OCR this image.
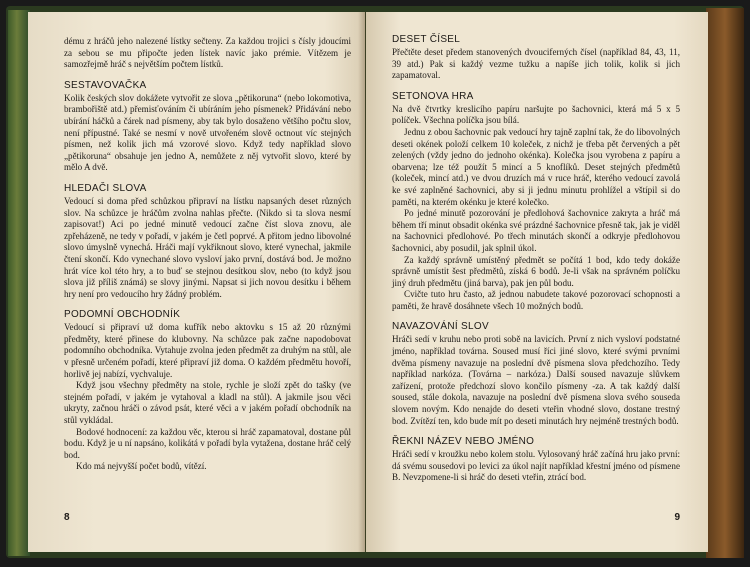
dému z hráčů jeho nalezené lístky sečteny. Za každou trojici s čísly jdoucími za sebou se mu připočte jeden lístek navíc jako prémie. Vítězem je samozřejmě hráč s největším počtem lístků.

SESTAVOVAČKA

Kolik českých slov dokážete vytvořit ze slova „pětikoruna“ (nebo lokomotiva, brambořiště atd.) přemisťováním či ubíráním jeho písmenek? Přidávání nebo ubírání háčků a čárek nad písmeny, aby tak bylo dosaženo většího počtu slov, není přípustné. Také se nesmí v nově utvořeném slově octnout víc stejných písmen, než kolik jich má vzorové slovo. Když tedy například slovo „pětikoruna“ obsahuje jen jedno A, nemůžete z něj vytvořit slovo, které by mělo A dvě.

HLEDAČI SLOVA

Vedoucí si doma před schůzkou připraví na lístku napsaných deset různých slov. Na schůzce je hráčům zvolna nahlas přečte. (Nikdo si ta slova nesmí zapisovat!) Aci po jedné minutě vedoucí začne číst slova znovu, ale zpřeházeně, ne tedy v pořadí, v jakém je četl poprvé. A přitom jedno libovolné slovo úmyslně vynechá. Hráči mají vykřiknout slovo, které vynechal, jakmile čtení skončí. Kdo vynechané slovo vysloví jako první, dostává bod. Je možno hrát více kol této hry, a to buď se stejnou desítkou slov, nebo (to když jsou slova již příliš známá) se slovy jinými. Napsat si jich novou desítku i během hry není pro vedoucího hry žádný problém.

PODOMNÍ OBCHODNÍK

Vedoucí si připraví už doma kufřík nebo aktovku s 15 až 20 různými předměty, které přinese do klubovny. Na schůzce pak začne napodobovat podomního obchodníka. Vytahuje zvolna jeden předmět za druhým na stůl, ale v přesně určeném pořadí, které připraví již doma. O každém předmětu hovoří, horlivě jej nabízí, vychvaluje.

Když jsou všechny předměty na stole, rychle je složí zpět do tašky (ve stejném pořadí, v jakém je vytahoval a kladl na stůl). A jakmile jsou věci ukryty, začnou hráči o závod psát, které věci a v jakém pořadí obchodník na stůl vykládal.

Bodové hodnocení: za každou věc, kterou si hráč zapamatoval, dostane půl bodu. Když je u ní napsáno, kolikátá v pořadí byla vytažena, dostane hráč celý bod.

Kdo má nejvyšší počet bodů, vítězí.

8
DESET ČÍSEL

Přečtěte deset předem stanovených dvouciferných čísel (například 84, 43, 11, 39 atd.) Pak si každý vezme tužku a napíše jich tolik, kolik si jich zapamatoval.

SETONOVA HRA

Na dvě čtvrtky kreslicího papíru naršujte po šachovnici, která má 5 x 5 políček. Všechna políčka jsou bílá.

Jednu z obou šachovnic pak vedoucí hry tajně zaplní tak, že do libovolných deseti okének položí celkem 10 koleček, z nichž je třeba pět červených a pět zelených (vždy jedno do jednoho okénka). Kolečka jsou vyrobena z papíru a obarvena; lze též použít 5 mincí a 5 knoflíků. Deset stejných předmětů (koleček, mincí atd.) ve dvou druzích má v ruce hráč, kterého vedoucí zavolá ke své zaplněné šachovnici, aby si ji jednu minutu prohlížel a vštípil si do paměti, na kterém okénku je které kolečko.

Po jedné minutě pozorování je předlohová šachovnice zakryta a hráč má během tří minut obsadit okénka své prázdné šachovnice přesně tak, jak je viděl na šachovnici předlohové. Po třech minutách skončí a odkryje předlohovou šachovnici, aby posudil, jak splnil úkol.

Za každý správně umístěný předmět se počítá 1 bod, kdo tedy dokáže správně umístit šest předmětů, získá 6 bodů. Je-li však na správném políčku jiný druh předmětu (jiná barva), pak jen půl bodu.

Cvičte tuto hru často, až jednou nabudete takové pozorovací schopnosti a paměti, že hravě dosáhnete všech 10 možných bodů.

NAVAZOVÁNÍ SLOV

Hráči sedí v kruhu nebo proti sobě na lavicích. První z nich vysloví podstatné jméno, například továrna. Soused musí říci jiné slovo, které svými prvními dvěma písmeny navazuje na poslední dvě písmena slova předchozího. Tedy například narkóza. (Továrna – narkóza.) Další soused navazuje slůvkem zařízení, protože předchozí slovo končilo písmeny -za. A tak každý další soused, stále dokola, navazuje na poslední dvě písmena slova svého souseda slovem novým. Kdo nenajde do deseti vteřin vhodné slovo, dostane trestný bod. Zvítězí ten, kdo bude mít po deseti minutách hry nejméně trestných bodů.

ŘEKNI NÁZEV NEBO JMÉNO

Hráči sedí v kroužku nebo kolem stolu. Vylosovaný hráč začíná hru jako první: dá svému sousedovi po levici za úkol najít například křestní jméno od písmene B. Nevzpomene-li si hráč do deseti vteřin, ztrácí bod.

9
